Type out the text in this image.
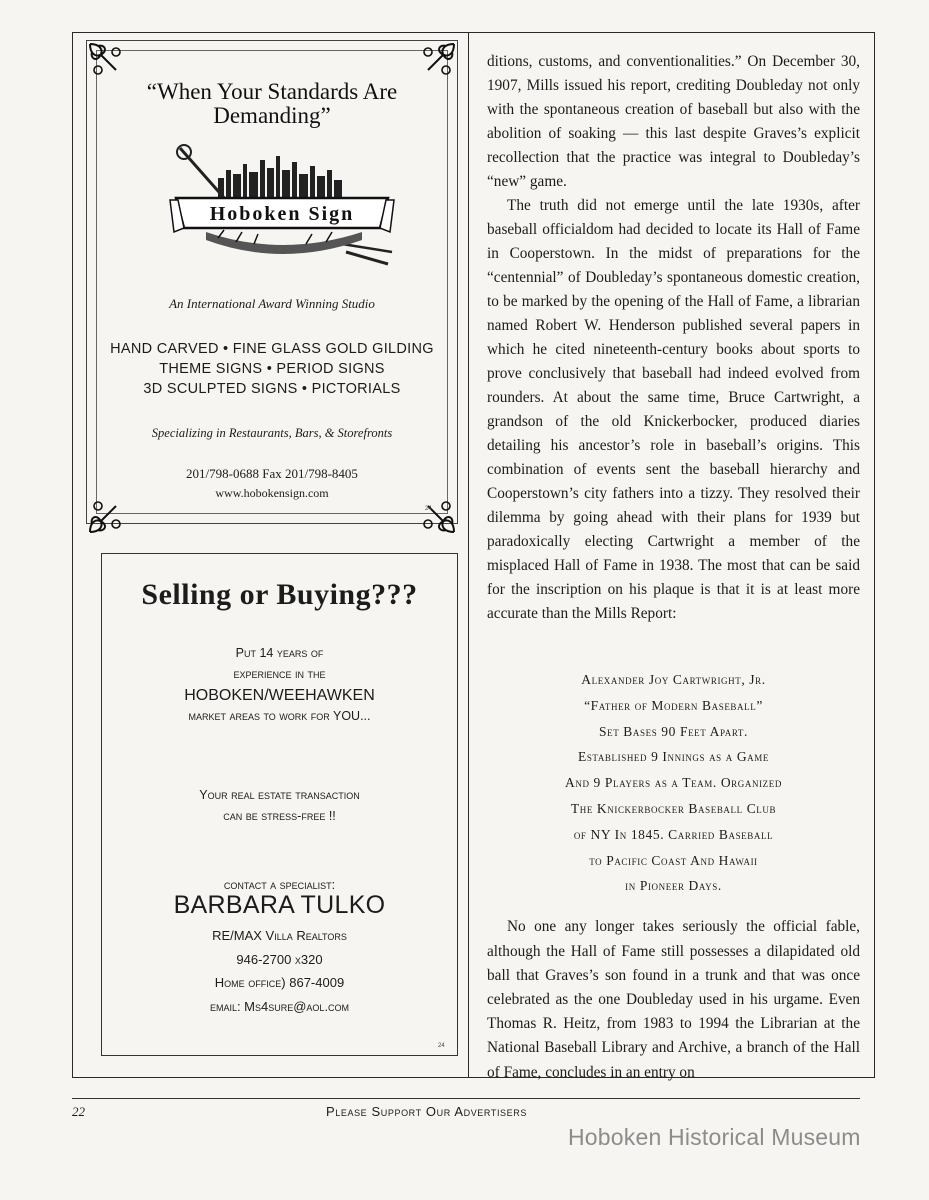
“When Your Standards Are Demanding”
Hoboken Sign
An International Award Winning Studio
HAND CARVED • FINE GLASS GOLD GILDING
THEME SIGNS • PERIOD SIGNS
3D SCULPTED SIGNS • PICTORIALS
Specializing in Restaurants, Bars, & Storefronts
201/798-0688 Fax 201/798-8405
www.hobokensign.com
24
Selling or Buying???
Put 14 years of
experience in the
HOBOKEN/WEEHAWKEN
market areas to work for YOU...
Your real estate transaction
can be stress-free !!
contact a specialist:
BARBARA TULKO
RE/MAX Villa Realtors
946-2700 x320
Home office) 867-4009
email: Ms4sure@aol.com
24

ditions, customs, and conventionalities.” On December 30, 1907, Mills issued his report, crediting Doubleday not only with the spontaneous creation of baseball but also with the abolition of soaking — this last despite Graves’s explicit recollection that the practice was integral to Doubleday’s “new” game.

The truth did not emerge until the late 1930s, after baseball officialdom had decided to locate its Hall of Fame in Cooperstown. In the midst of preparations for the “centennial” of Doubleday’s spontaneous domestic creation, to be marked by the opening of the Hall of Fame, a librarian named Robert W. Henderson published several papers in which he cited nineteenth-century books about sports to prove conclusively that baseball had indeed evolved from rounders. At about the same time, Bruce Cartwright, a grandson of the old Knickerbocker, produced diaries detailing his ancestor’s role in baseball’s origins. This combination of events sent the baseball hierarchy and Cooperstown’s city fathers into a tizzy. They resolved their dilemma by going ahead with their plans for 1939 but paradoxically electing Cartwright a member of the misplaced Hall of Fame in 1938. The most that can be said for the inscription on his plaque is that it is at least more accurate than the Mills Report:

Alexander Joy Cartwright, Jr.
“Father of Modern Baseball”
Set Bases 90 Feet Apart.
Established 9 Innings as a Game
And 9 Players as a Team. Organized
The Knickerbocker Baseball Club
of NY In 1845. Carried Baseball
to Pacific Coast And Hawaii
in Pioneer Days.

No one any longer takes seriously the official fable, although the Hall of Fame still possesses a dilapidated old ball that Graves’s son found in a trunk and that was once celebrated as the one Doubleday used in his urgame. Even Thomas R. Heitz, from 1983 to 1994 the Librarian at the National Baseball Library and Archive, a branch of the Hall of Fame, concludes in an entry on

22	Please Support Our Advertisers
Hoboken Historical Museum
